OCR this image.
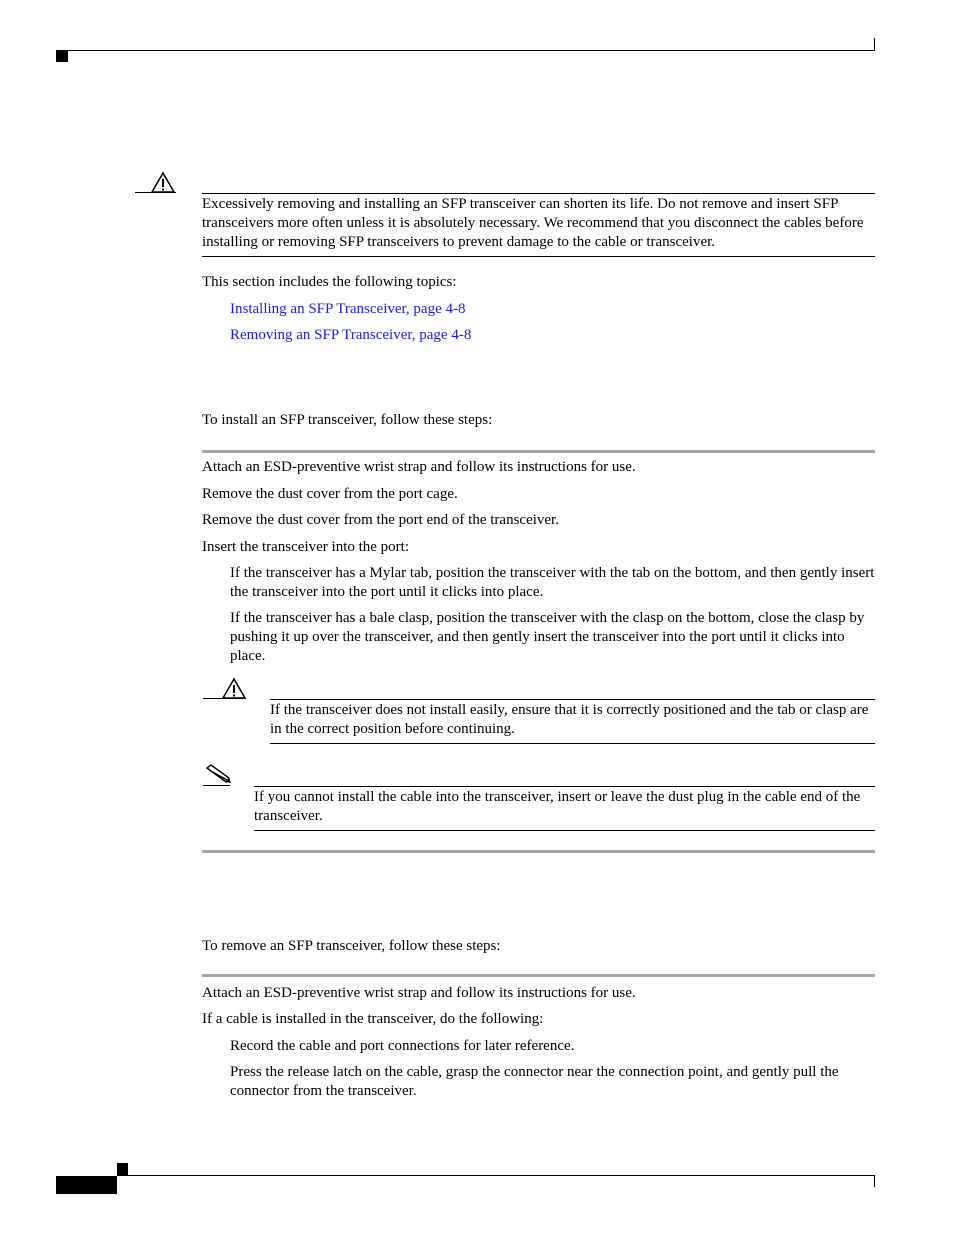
Excessively removing and installing an SFP transceiver can shorten its life. Do not remove and insert SFP transceivers more often unless it is absolutely necessary. We recommend that you disconnect the cables before installing or removing SFP transceivers to prevent damage to the cable or transceiver.
This section includes the following topics:
Installing an SFP Transceiver, page 4-8
Removing an SFP Transceiver, page 4-8
To install an SFP transceiver, follow these steps:
Attach an ESD-preventive wrist strap and follow its instructions for use.
Remove the dust cover from the port cage.
Remove the dust cover from the port end of the transceiver.
Insert the transceiver into the port:
If the transceiver has a Mylar tab, position the transceiver with the tab on the bottom, and then gently insert the transceiver into the port until it clicks into place.
If the transceiver has a bale clasp, position the transceiver with the clasp on the bottom, close the clasp by pushing it up over the transceiver, and then gently insert the transceiver into the port until it clicks into place.
If the transceiver does not install easily, ensure that it is correctly positioned and the tab or clasp are in the correct position before continuing.
If you cannot install the cable into the transceiver, insert or leave the dust plug in the cable end of the transceiver.
To remove an SFP transceiver, follow these steps:
Attach an ESD-preventive wrist strap and follow its instructions for use.
If a cable is installed in the transceiver, do the following:
Record the cable and port connections for later reference.
Press the release latch on the cable, grasp the connector near the connection point, and gently pull the connector from the transceiver.
